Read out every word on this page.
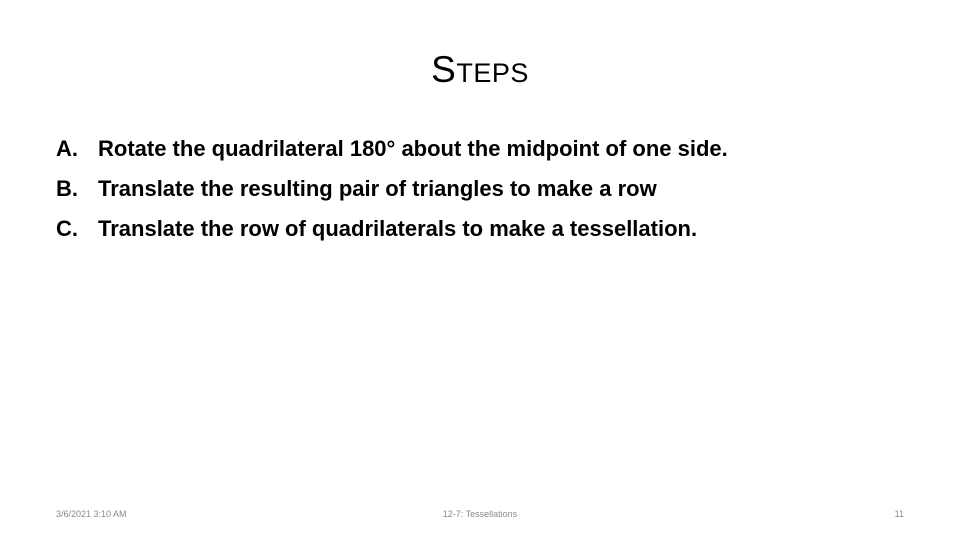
STEPS
A. Rotate the quadrilateral 180° about the midpoint of one side.
B. Translate the resulting pair of triangles to make a row
C. Translate the row of quadrilaterals to make a tessellation.
3/6/2021 3:10 AM	12-7: Tessellations	11
